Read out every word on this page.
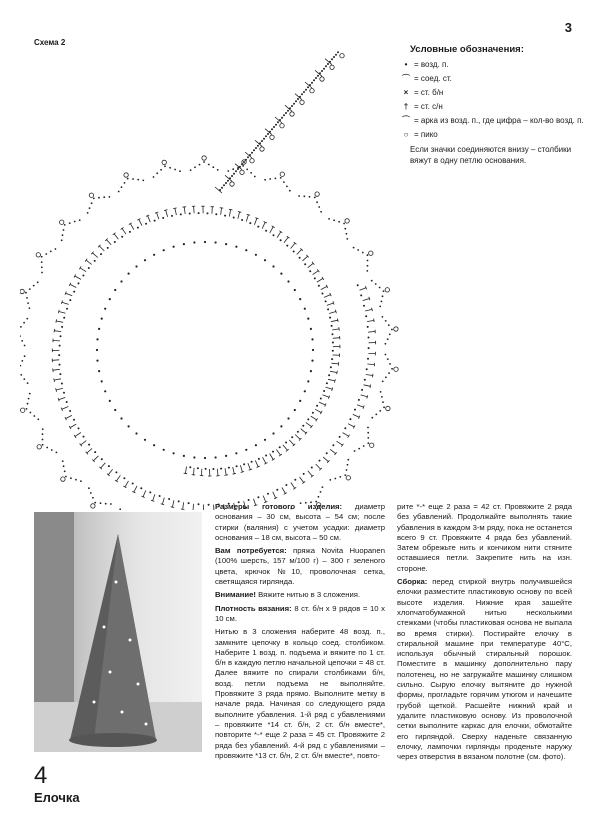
3
Схема 2
Условные обозначения:
• = возд. п.
⌒ = соед. ст.
× = ст. б/н
† = ст. с/н
⁀ = арка из возд. п., где цифра – кол-во возд. п.
○ = пико
Если значки соединяются внизу – столбики вяжут в одну петлю основания.
4
Елочка

Размеры готового изделия: диаметр основания – 30 см, высота – 54 см; после стирки (валяния) с учетом усадки: диаметр основания – 18 см, высота – 50 см.

Вам потребуется: пряжа Novita Huopanen (100% шерсть, 157 м/100 г) – 300 г зеленого цвета, крючок №10, проволочная сетка, светящаяся гирлянда.

Внимание! Вяжите нитью в 3 сложения.

Плотность вязания: 8 ст. б/н х 9 рядов = 10 х 10 см.

Нитью в 3 сложения наберите 48 возд. п., замкните цепочку в кольцо соед. столбиком. Наберите 1 возд. п. подъема и вяжите по 1 ст. б/н в каждую петлю начальной цепочки = 48 ст. Далее вяжите по спирали столбиками б/н, возд. петли подъема не выполняйте. Провяжите 3 ряда прямо. Выполните метку в начале ряда. Начиная со следующего ряда выполните убавления. 1-й ряд с убавлениями – провяжите *14 ст. б/н, 2 ст. б/н вместе*, повторите *-* еще 2 раза = 45 ст. Провяжите 2 ряда без убавлений. 4-й ряд с убавлениями – провяжите *13 ст. б/н, 2 ст. б/н вместе*, повто-

рите *-* еще 2 раза = 42 ст. Провяжите 2 ряда без убавлений. Продолжайте выполнять такие убавления в каждом 3-м ряду, пока не останется всего 9 ст. Провяжите 4 ряда без убавлений. Затем обрежьте нить и кончиком нити стяните оставшиеся петли. Закрепите нить на изн. стороне.

Сборка: перед стиркой внутрь получившейся елочки разместите пластиковую основу по всей высоте изделия. Нижние края зашейте хлопчатобумажной нитью несколькими стежками (чтобы пластиковая основа не выпала во время стирки). Постирайте елочку в стиральной машине при температуре 40°С, используя обычный стиральный порошок. Поместите в машинку дополнительно пару полотенец, но не загружайте машинку слишком сильно. Сырую елочку вытяните до нужной формы, прогладьте горячим утюгом и начешите грубой щеткой. Расшейте нижний край и удалите пластиковую основу. Из проволочной сетки выполните каркас для елочки, обмотайте его гирляндой. Сверху наденьте связанную елочку, лампочки гирлянды проденьте наружу через отверстия в вязаном полотне (см. фото).
